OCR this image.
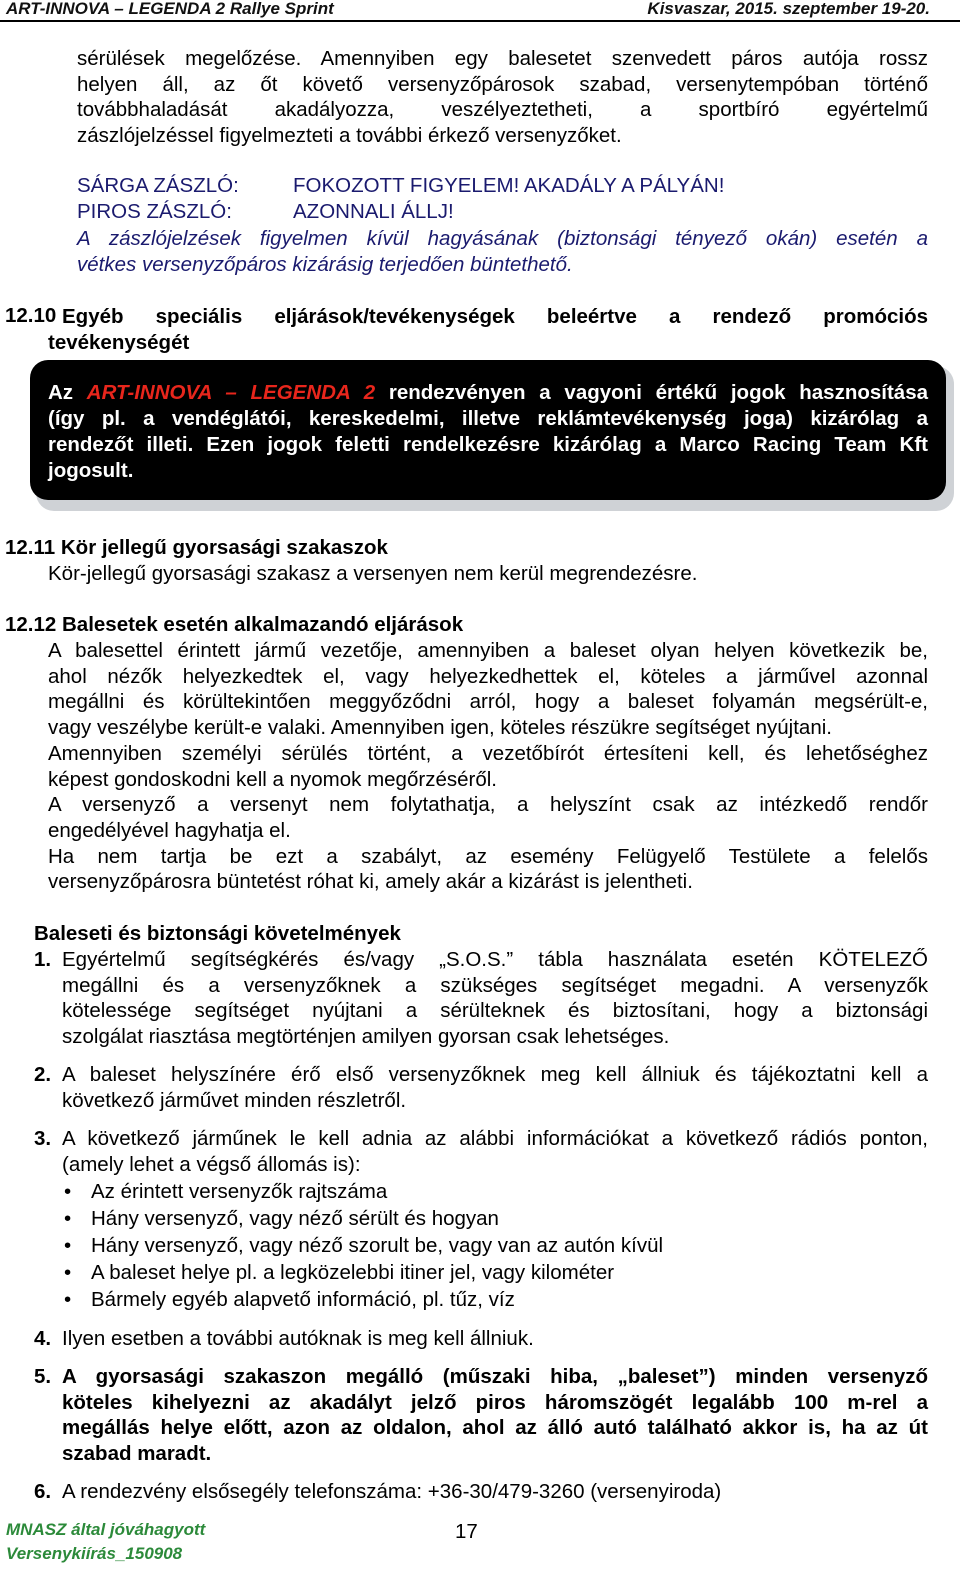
ART-INNOVA – LEGENDA 2 Rallye Sprint	Kisvaszar, 2015. szeptember 19-20.
sérülések megelőzése. Amennyiben egy balesetet szenvedett páros autója rossz
helyen áll, az őt követő versenyzőpárosok szabad, versenytempóban történő
továbbhaladását akadályozza, veszélyeztetheti, a sportbíró egyértelmű
zászlójelzéssel figyelmezteti a további érkező versenyzőket.
SÁRGA ZÁSZLÓ:	FOKOZOTT FIGYELEM! AKADÁLY A PÁLYÁN!
PIROS ZÁSZLÓ:	AZONNALI ÁLLJ!
A zászlójelzések figyelmen kívül hagyásának (biztonsági tényező okán) esetén a
vétkes versenyzőpáros kizárásig terjedően büntethető.
12.10 Egyéb speciális eljárások/tevékenységek beleértve a rendező promóciós
tevékenységét
Az ART-INNOVA – LEGENDA 2 rendezvényen a vagyoni értékű jogok hasznosítása
(így pl. a vendéglátói, kereskedelmi, illetve reklámtevékenység joga) kizárólag a
rendezőt illeti. Ezen jogok feletti rendelkezésre kizárólag a Marco Racing Team Kft
jogosult.
12.11 Kör jellegű gyorsasági szakaszok
Kör-jellegű gyorsasági szakasz a versenyen nem kerül megrendezésre.
12.12 Balesetek esetén alkalmazandó eljárások
A balesettel érintett jármű vezetője, amennyiben a baleset olyan helyen következik be,
ahol nézők helyezkedtek el, vagy helyezkedhettek el, köteles a járművel azonnal
megállni és körültekintően meggyőződni arról, hogy a baleset folyamán megsérült-e,
vagy veszélybe került-e valaki. Amennyiben igen, köteles részükre segítséget nyújtani.
Amennyiben személyi sérülés történt, a vezetőbírót értesíteni kell, és lehetőséghez
képest gondoskodni kell a nyomok megőrzéséről.
A versenyző a versenyt nem folytathatja, a helyszínt csak az intézkedő rendőr
engedélyével hagyhatja el.
Ha nem tartja be ezt a szabályt, az esemény Felügyelő Testülete a felelős
versenyzőpárosra büntetést róhat ki, amely akár a kizárást is jelentheti.
Baleseti és biztonsági követelmények
1. Egyértelmű segítségkérés és/vagy „S.O.S.” tábla használata esetén KÖTELEZŐ
megállni és a versenyzőknek a szükséges segítséget megadni. A versenyzők
kötelessége segítséget nyújtani a sérülteknek és biztosítani, hogy a biztonsági
szolgálat riasztása megtörténjen amilyen gyorsan csak lehetséges.
2. A baleset helyszínére érő első versenyzőknek meg kell állniuk és tájékoztatni kell a
következő járművet minden részletről.
3. A következő járműnek le kell adnia az alábbi információkat a következő rádiós ponton,
(amely lehet a végső állomás is):
• Az érintett versenyzők rajtszáma
• Hány versenyző, vagy néző sérült és hogyan
• Hány versenyző, vagy néző szorult be, vagy van az autón kívül
• A baleset helye pl. a legközelebbi itiner jel, vagy kilométer
• Bármely egyéb alapvető információ, pl. tűz, víz
4. Ilyen esetben a további autóknak is meg kell állniuk.
5. A gyorsasági szakaszon megálló (műszaki hiba, „baleset”) minden versenyző
köteles kihelyezni az akadályt jelző piros háromszögét legalább 100 m-rel a
megállás helye előtt, azon az oldalon, ahol az álló autó található akkor is, ha az út
szabad maradt.
6. A rendezvény elsősegély telefonszáma: +36-30/479-3260 (versenyiroda)
MNASZ által jóváhagyott
Versenykiírás_150908
17
